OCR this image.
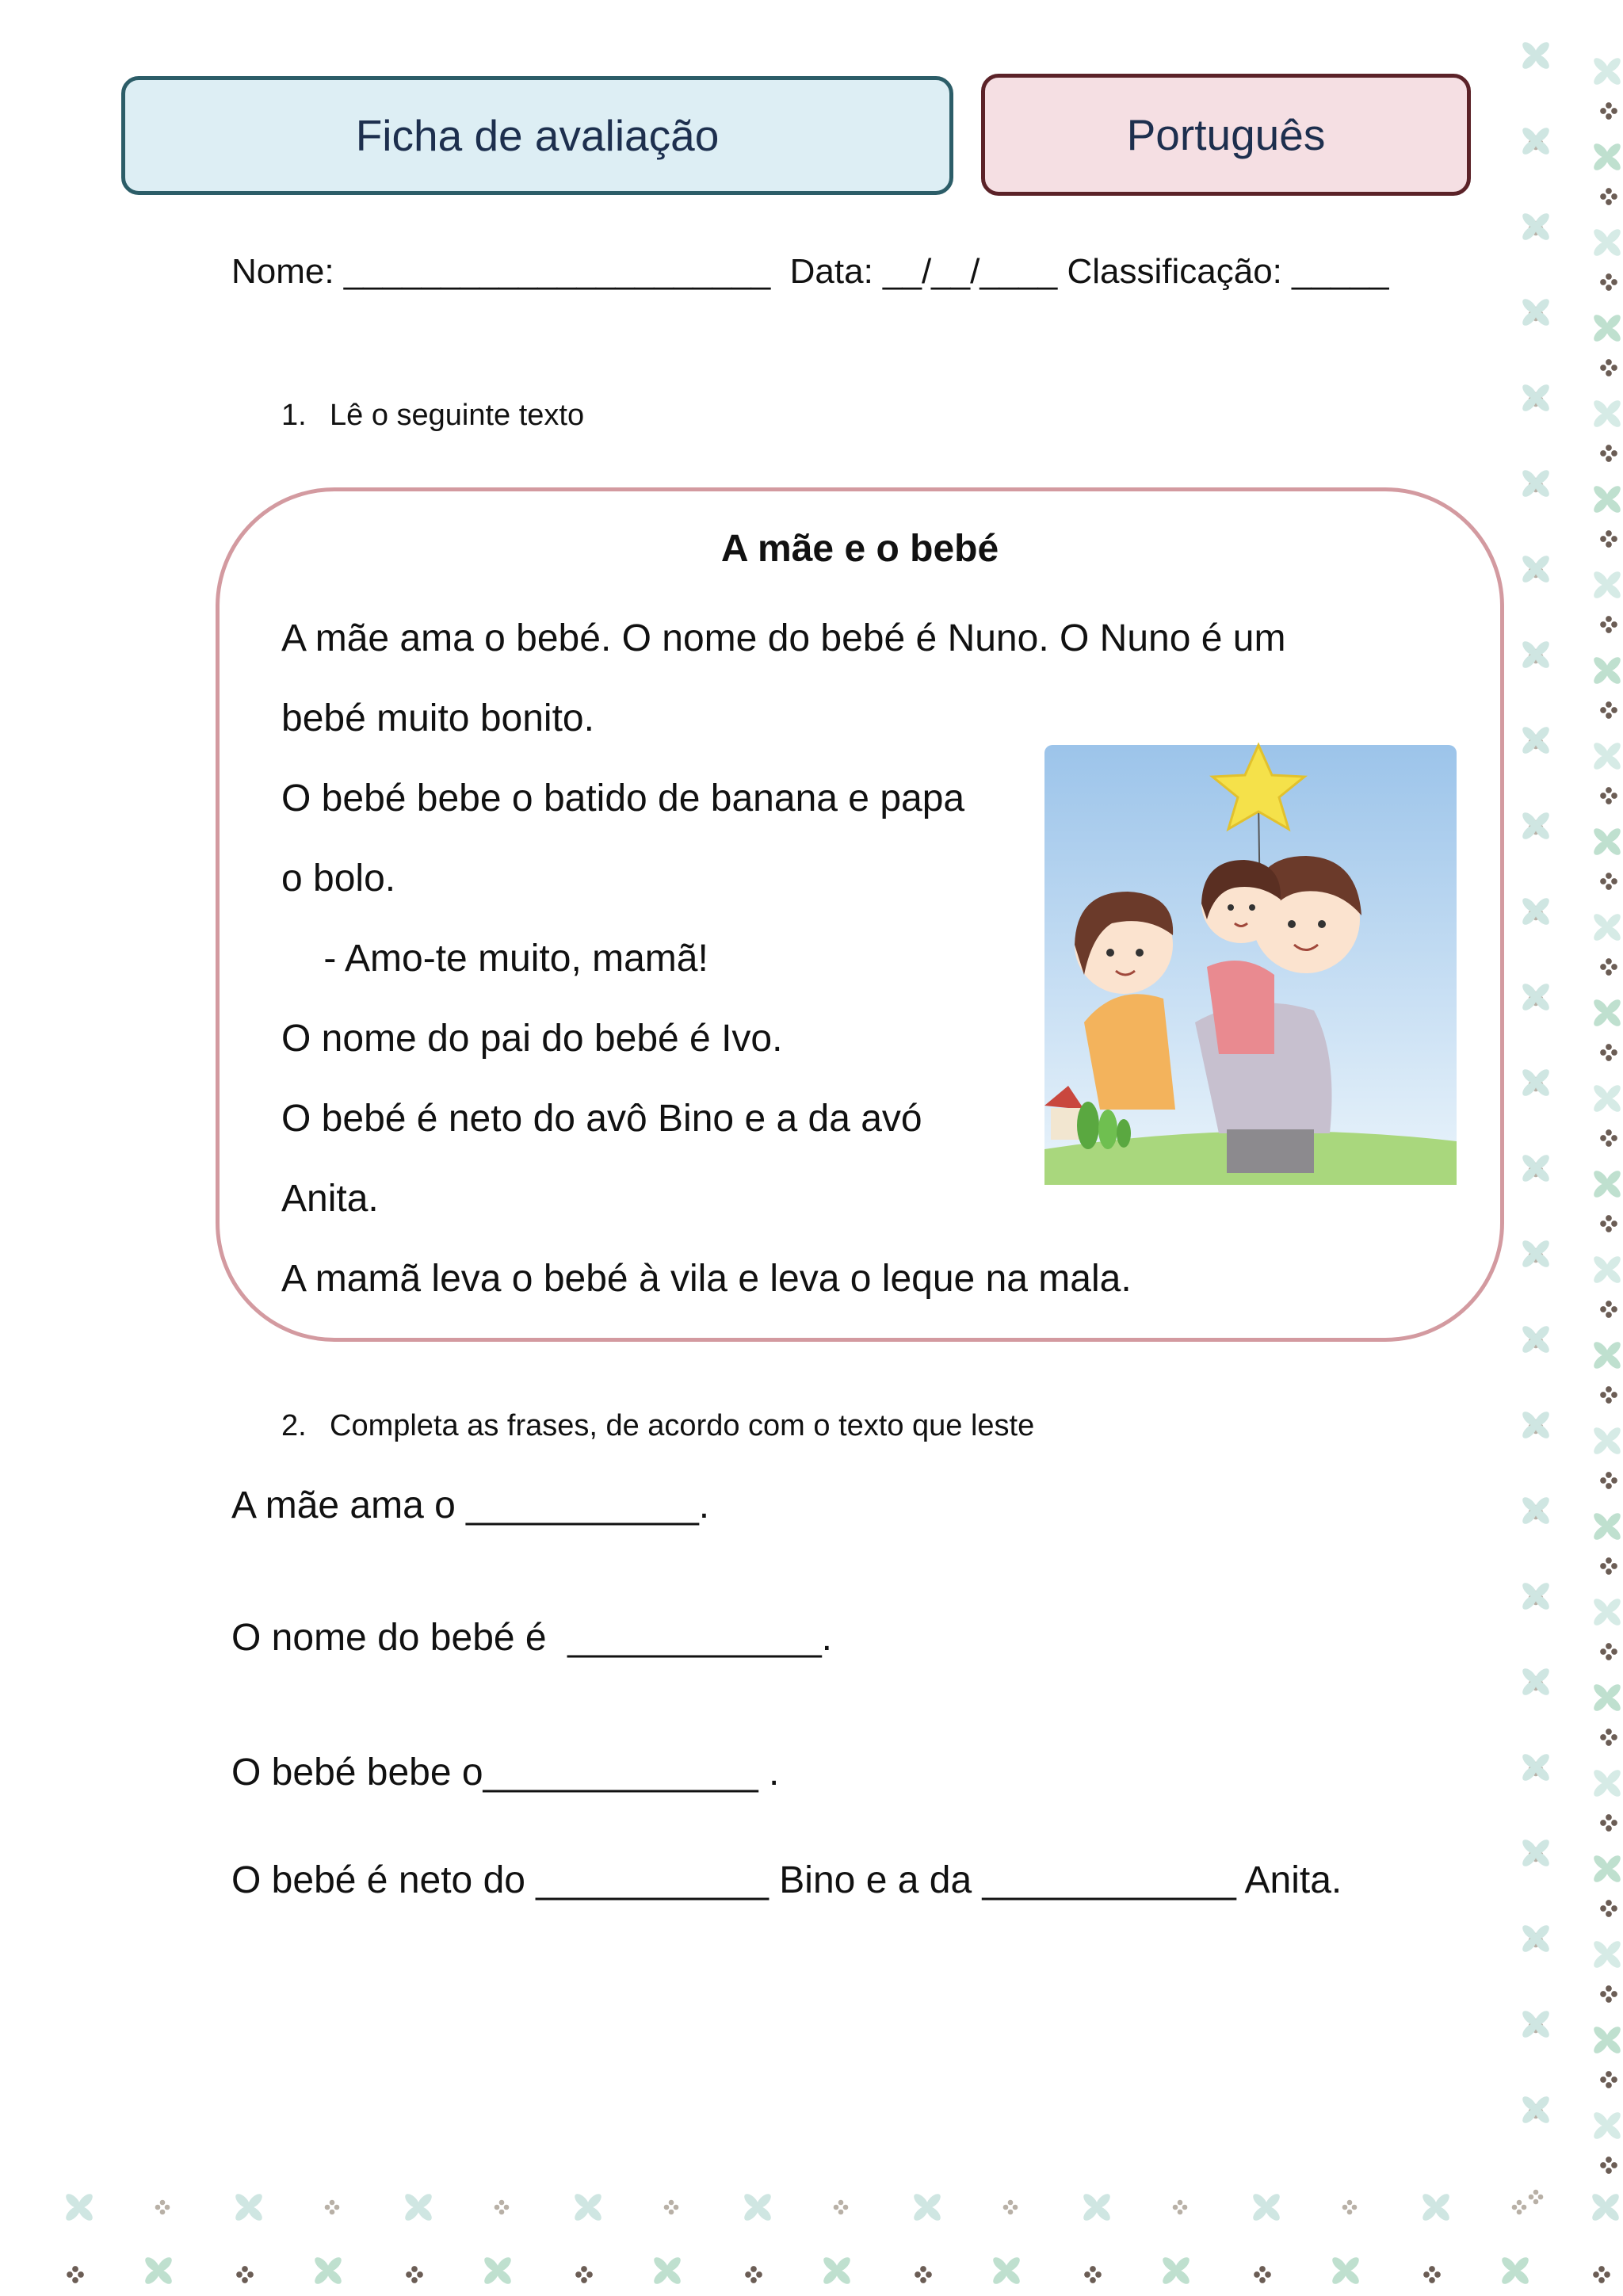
Ficha de avaliação	Português
Nome: ______________________  Data: __/__/____ Classificação: _____
1. Lê o seguinte texto
A mãe e o bebé
A mãe ama o bebé. O nome do bebé é Nuno. O Nuno é um
bebé muito bonito.
O bebé bebe o batido de banana e papa
o bolo.
- Amo-te muito, mamã!
O nome do pai do bebé é Ivo.
O bebé é neto do avô Bino e a da avó
Anita.
A mamã leva o bebé à vila e leva o leque na mala.
2. Completa as frases, de acordo com o texto que leste
A mãe ama o ___________.
O nome do bebé é  ____________.
O bebé bebe o_____________ .
O bebé é neto do ___________ Bino e a da ____________ Anita.
